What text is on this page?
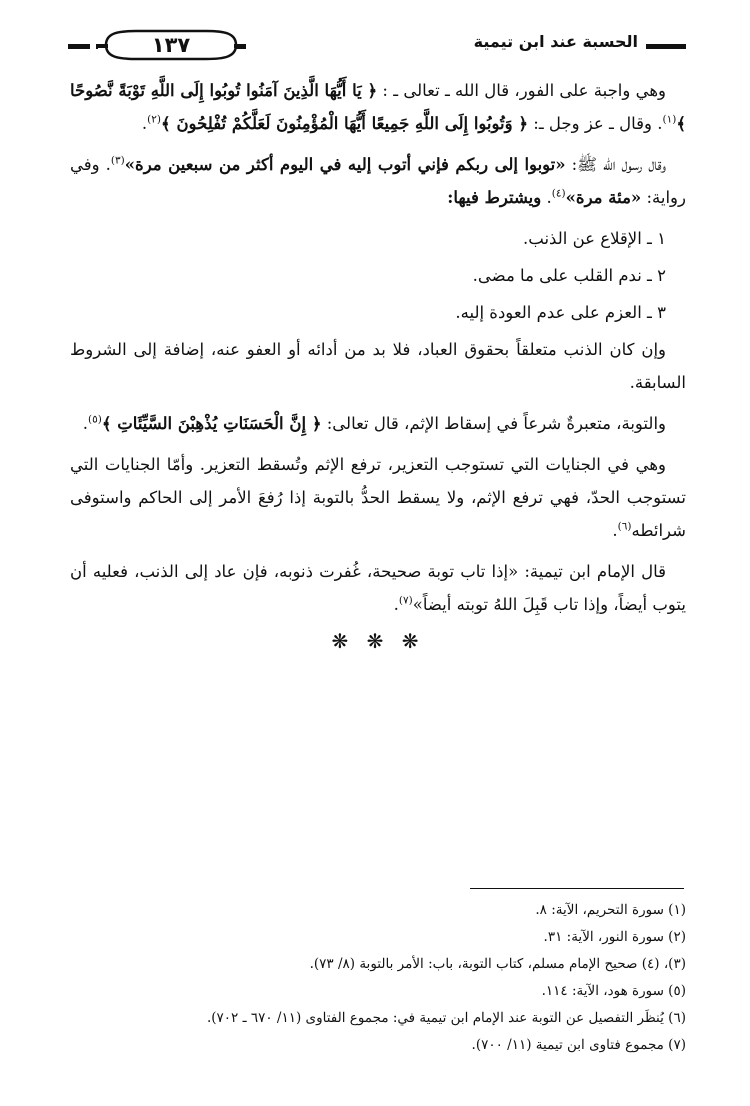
الحسبة عند ابن تيمية
١٣٧

وهي واجبة على الفور، قال الله ـ تعالى ـ : ﴿ يَا أَيُّهَا الَّذِينَ آمَنُوا تُوبُوا إِلَى اللَّهِ تَوْبَةً نَّصُوحًا ﴾$^{(١)}$. وقال ـ عز وجل ـ: ﴿ وَتُوبُوا إِلَى اللَّهِ جَمِيعًا أَيُّهَا الْمُؤْمِنُونَ لَعَلَّكُمْ تُفْلِحُونَ ﴾$^{(٢)}$.

وقال رسول الله ﷺ: «توبوا إلى ربكم فإني أتوب إليه في اليوم أكثر من سبعين مرة»$^{(٣)}$. وفي رواية: «مئة مرة»$^{(٤)}$. ويشترط فيها:

١ ـ الإقلاع عن الذنب.

٢ ـ ندم القلب على ما مضى.

٣ ـ العزم على عدم العودة إليه.

وإن كان الذنب متعلقاً بحقوق العباد، فلا بد من أدائه أو العفو عنه، إضافة إلى الشروط السابقة.

والتوبة، متعبرةٌ شرعاً في إسقاط الإثم، قال تعالى: ﴿ إِنَّ الْحَسَنَاتِ يُذْهِبْنَ السَّيِّئَاتِ ﴾$^{(٥)}$.

وهي في الجنايات التي تستوجب التعزير، ترفع الإثم وتُسقط التعزير. وأمّا الجنايات التي تستوجب الحدّ، فهي ترفع الإثم، ولا يسقط الحدُّ بالتوبة إذا رُفعَ الأمر إلى الحاكم واستوفى شرائطه$^{(٦)}$.

قال الإمام ابن تيمية: «إذا تاب توبة صحيحة، غُفرت ذنوبه، فإن عاد إلى الذنب، فعليه أن يتوب أيضاً، وإذا تاب قَبِلَ اللهُ توبته أيضاً»$^{(٧)}$.

❋ ❋ ❋
(١) سورة التحريم، الآية: ٨.
(٢) سورة النور، الآية: ٣١.
(٣)، (٤) صحيح الإمام مسلم، كتاب التوبة، باب: الأمر بالتوبة (٨/ ٧٣).
(٥) سورة هود، الآية: ١١٤.
(٦) يُنظَر التفصيل عن التوبة عند الإمام ابن تيمية في: مجموع الفتاوى (١١/ ٦٧٠ ـ ٧٠٢).
(٧) مجموع فتاوى ابن تيمية (١١/ ٧٠٠).
